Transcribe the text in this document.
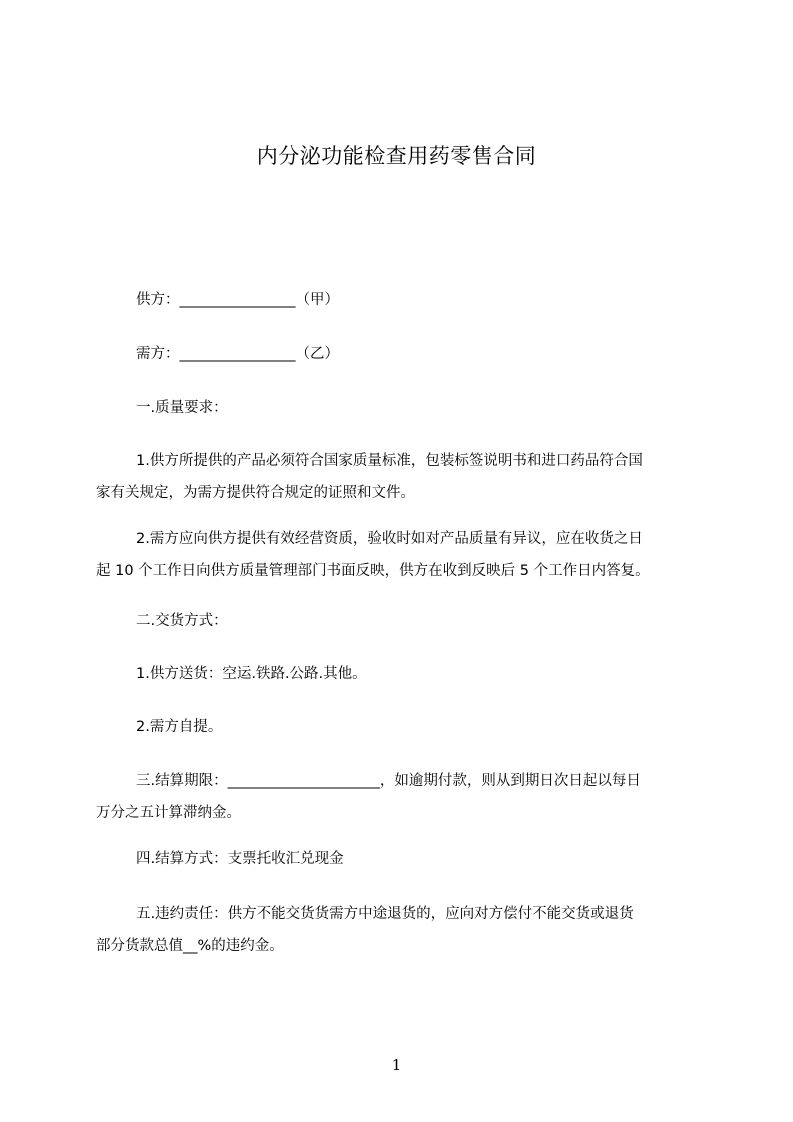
内分泌功能检查用药零售合同
供方：________________（甲）
需方：________________（乙）
一.质量要求：
1.供方所提供的产品必须符合国家质量标准，包装标签说明书和进口药品符合国
家有关规定，为需方提供符合规定的证照和文件。
2.需方应向供方提供有效经营资质，验收时如对产品质量有异议，应在收货之日
起 10 个工作日向供方质量管理部门书面反映，供方在收到反映后 5 个工作日内答复。
二.交货方式：
1.供方送货：空运.铁路.公路.其他。
2.需方自提。
三.结算期限：_____________________，如逾期付款，则从到期日次日起以每日
万分之五计算滞纳金。
四.结算方式：支票托收汇兑现金
五.违约责任：供方不能交货货需方中途退货的，应向对方偿付不能交货或退货
部分货款总值__%的违约金。
1
